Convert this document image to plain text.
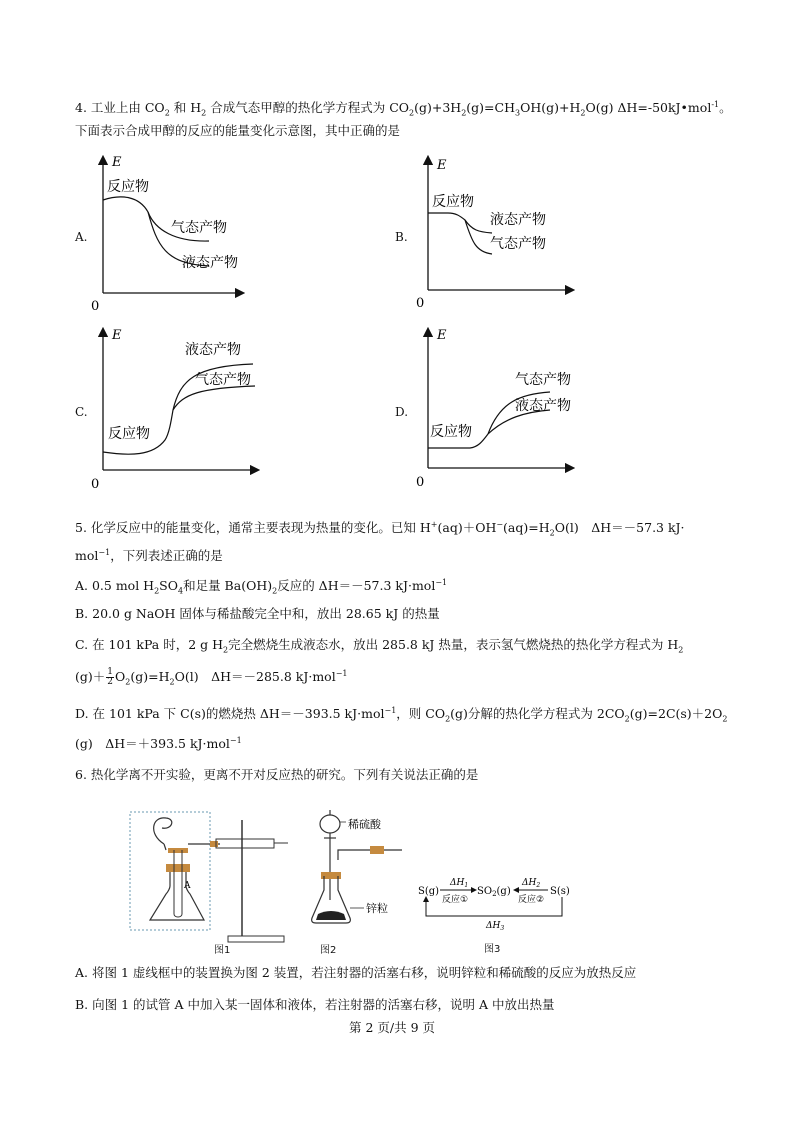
4. 工业上由 $CO_2$ 和 $H_2$ 合成气态甲醇的热化学方程式为 $CO_2(g)+3H_2(g)=CH_3OH(g)+H_2O(g)$ ΔH=-50kJ•mol$^{-1}$。
下面表示合成甲醇的反应的能量变化示意图，其中正确的是
A.	B.
C.	D.
E
0
反应物
气态产物
液态产物
E
0
反应物
液态产物
气态产物
E
0
液态产物
气态产物
反应物
E
0
气态产物
液态产物
反应物
5. 化学反应中的能量变化，通常主要表现为热量的变化。已知 $H^+(aq)+OH^-(aq)=H_2O(l)$　ΔH＝－57.3 kJ·
mol$^{-1}$，下列表述正确的是
A. 0.5 mol $H_2SO_4$和足量 $Ba(OH)_2$反应的 ΔH＝－57.3 kJ·mol$^{-1}$
B. 20.0 g NaOH 固体与稀盐酸完全中和，放出 28.65 kJ 的热量
C. 在 101 kPa 时，2 g $H_2$完全燃烧生成液态水，放出 285.8 kJ 热量，表示氢气燃烧热的热化学方程式为 $H_2$
$(g)+ \frac{1}{2} O_2(g)=H_2O(l)$　ΔH＝－285.8 kJ·mol$^{-1}$
D. 在 101 kPa 下 C(s)的燃烧热 ΔH＝－393.5 kJ·mol$^{-1}$，则 $CO_2(g)$分解的热化学方程式为 $2CO_2(g)=2C(s)+2O_2$
(g)　ΔH＝＋393.5 kJ·mol$^{-1}$
6. 热化学离不开实验，更离不开对反应热的研究。下列有关说法正确的是
A
图1
稀硫酸
锌粒
图2
S(g)	$SO_2(g)$	S(s)
$\Delta H_1$	$\Delta H_2$
反应①	反应②
$\Delta H_3$
图3
A. 将图 1 虚线框中的装置换为图 2 装置，若注射器的活塞右移，说明锌粒和稀硫酸的反应为放热反应
B. 向图 1 的试管 A 中加入某一固体和液体，若注射器的活塞右移，说明 A 中放出热量
第 2 页/共 9 页
